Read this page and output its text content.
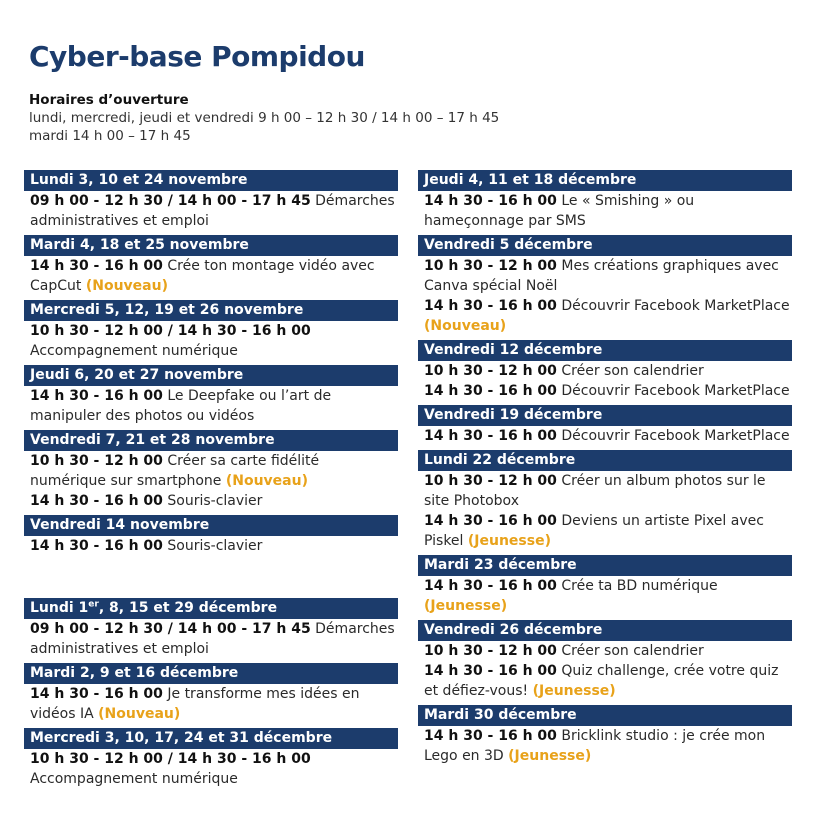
Cyber-base Pompidou
Horaires d’ouverture
lundi, mercredi, jeudi et vendredi 9 h 00 – 12 h 30 / 14 h 00 – 17 h 45
mardi 14 h 00 – 17 h 45
Lundi 3, 10 et 24 novembre
09 h 00 - 12 h 30 / 14 h 00 - 17 h 45 Démarches administratives et emploi
Mardi 4, 18 et 25 novembre
14 h 30 - 16 h 00 Crée ton montage vidéo avec CapCut (Nouveau)
Mercredi 5, 12, 19 et 26 novembre
10 h 30 - 12 h 00 / 14 h 30 - 16 h 00 Accompagnement numérique
Jeudi 6, 20 et 27 novembre
14 h 30 - 16 h 00 Le Deepfake ou l’art de manipuler des photos ou vidéos
Vendredi 7, 21 et 28 novembre
10 h 30 - 12 h 00 Créer sa carte fidélité numérique sur smartphone (Nouveau)
14 h 30 - 16 h 00 Souris-clavier
Vendredi 14 novembre
14 h 30 - 16 h 00 Souris-clavier
Lundi 1er, 8, 15 et 29 décembre
09 h 00 - 12 h 30 / 14 h 00 - 17 h 45 Démarches administratives et emploi
Mardi 2, 9 et 16 décembre
14 h 30 - 16 h 00 Je transforme mes idées en vidéos IA (Nouveau)
Mercredi 3, 10, 17, 24 et 31 décembre
10 h 30 - 12 h 00 / 14 h 30 - 16 h 00 Accompagnement numérique
Jeudi 4, 11 et 18 décembre
14 h 30 - 16 h 00 Le « Smishing » ou hameçonnage par SMS
Vendredi 5 décembre
10 h 30 - 12 h 00 Mes créations graphiques avec Canva spécial Noël
14 h 30 - 16 h 00 Découvrir Facebook MarketPlace (Nouveau)
Vendredi 12 décembre
10 h 30 - 12 h 00 Créer son calendrier
14 h 30 - 16 h 00 Découvrir Facebook MarketPlace
Vendredi 19 décembre
14 h 30 - 16 h 00 Découvrir Facebook MarketPlace
Lundi 22 décembre
10 h 30 - 12 h 00 Créer un album photos sur le site Photobox
14 h 30 - 16 h 00 Deviens un artiste Pixel avec Piskel (Jeunesse)
Mardi 23 décembre
14 h 30 - 16 h 00 Crée ta BD numérique (Jeunesse)
Vendredi 26 décembre
10 h 30 - 12 h 00 Créer son calendrier
14 h 30 - 16 h 00 Quiz challenge, crée votre quiz et défiez-vous! (Jeunesse)
Mardi 30 décembre
14 h 30 - 16 h 00 Bricklink studio : je crée mon Lego en 3D (Jeunesse)
